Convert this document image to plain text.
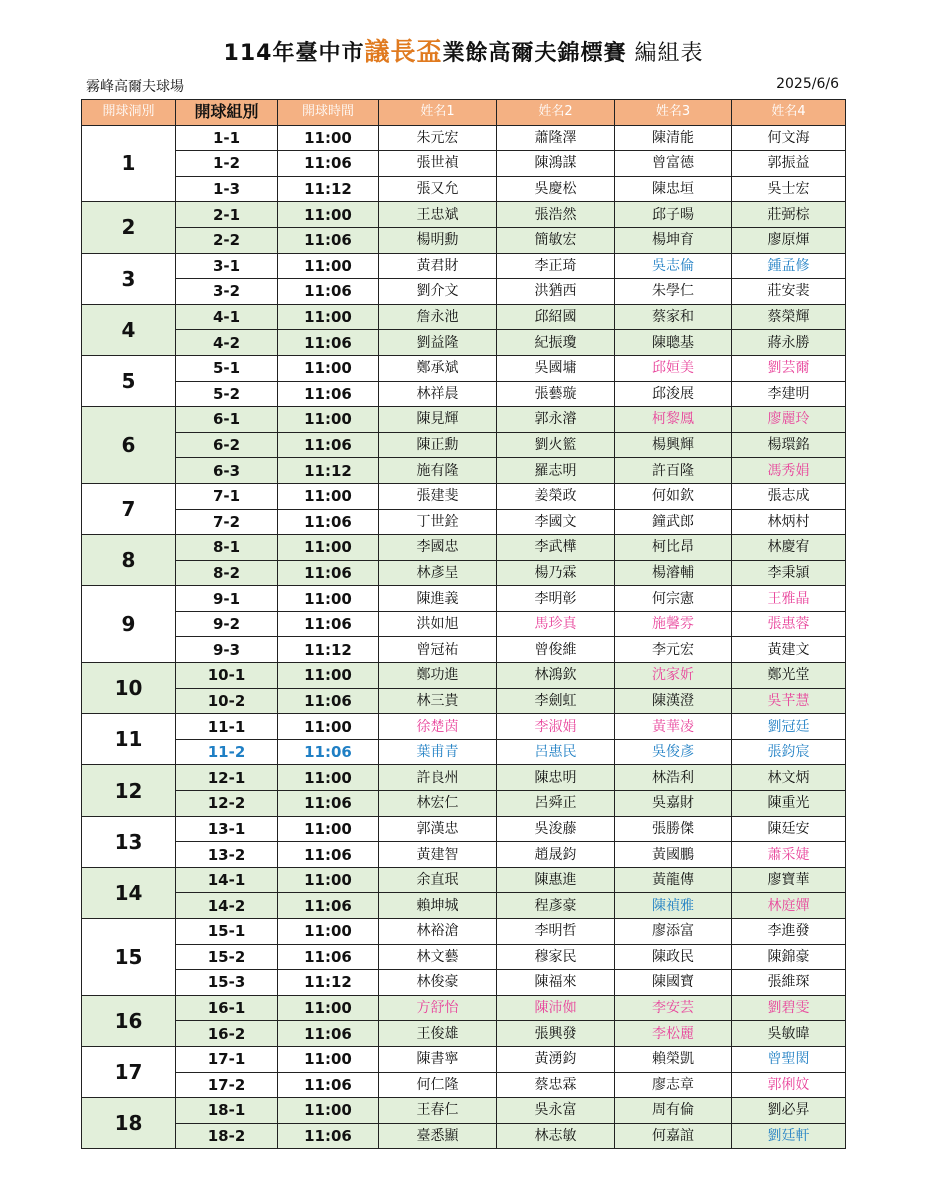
114年臺中市議長盃業餘高爾夫錦標賽 編組表
霧峰高爾夫球場	2025/6/6
開球洞別	開球組別	開球時間	姓名1	姓名2	姓名3	姓名4
1	1-1	11:00	朱元宏	蕭隆澤	陳清能	何文海
	1-2	11:06	張世禎	陳鴻謀	曾富德	郭振益
	1-3	11:12	張又允	吳慶松	陳忠垣	吳士宏
2	2-1	11:00	王忠斌	張浩然	邱子暘	莊弼棕
	2-2	11:06	楊明勳	簡敏宏	楊坤育	廖原煇
3	3-1	11:00	黃君財	李正琦	吳志倫	鍾孟修
	3-2	11:06	劉介文	洪猶西	朱學仁	莊安裴
4	4-1	11:00	詹永池	邱紹國	蔡家和	蔡榮輝
	4-2	11:06	劉益隆	紀振瓊	陳聰基	蔣永勝
5	5-1	11:00	鄭承斌	吳國墉	邱姮美	劉芸爾
	5-2	11:06	林祥晨	張藝璇	邱浚展	李建明
6	6-1	11:00	陳見輝	郭永濬	柯黎鳳	廖麗玲
	6-2	11:06	陳正勳	劉火籃	楊興輝	楊環銘
	6-3	11:12	施有隆	羅志明	許百隆	馮秀娟
7	7-1	11:00	張建斐	姜榮政	何如欽	張志成
	7-2	11:06	丁世銓	李國文	鐘武郎	林炳村
8	8-1	11:00	李國忠	李武樺	柯比昂	林慶宥
	8-2	11:06	林彥呈	楊乃霖	楊濬輔	李秉頴
9	9-1	11:00	陳進義	李明彰	何宗憲	王雅晶
	9-2	11:06	洪如旭	馬珍真	施馨雰	張惠蓉
	9-3	11:12	曾冠祐	曾俊維	李元宏	黃建文
10	10-1	11:00	鄭功進	林鴻欽	沈家妡	鄭光堂
	10-2	11:06	林三貴	李劍虹	陳漢澄	吳芊慧
11	11-1	11:00	徐楚茵	李淑娟	黃華凌	劉冠廷
	11-2	11:06	葉甫青	呂惠民	吳俊彥	張鈞宸
12	12-1	11:00	許良州	陳忠明	林浩利	林文炳
	12-2	11:06	林宏仁	呂舜正	吳嘉財	陳重光
13	13-1	11:00	郭漢忠	吳浚藤	張勝傑	陳廷安
	13-2	11:06	黃建智	趙晟鈞	黃國鵬	蕭采婕
14	14-1	11:00	余直珉	陳惠進	黃龍傳	廖寶華
	14-2	11:06	賴坤城	程彥豪	陳禎雅	林庭嬋
15	15-1	11:00	林裕滄	李明哲	廖添富	李進發
	15-2	11:06	林文藝	穆家民	陳政民	陳錦豪
	15-3	11:12	林俊豪	陳福來	陳國寶	張維琛
16	16-1	11:00	方舒怡	陳沛侞	李安芸	劉碧雯
	16-2	11:06	王俊雄	張興發	李松麗	吳敏暐
17	17-1	11:00	陳書寧	黃湧鈞	賴榮凱	曾聖閎
	17-2	11:06	何仁隆	蔡忠霖	廖志章	郭俐妏
18	18-1	11:00	王春仁	吳永富	周有倫	劉必昇
	18-2	11:06	臺悉顯	林志敏	何嘉誼	劉廷軒
